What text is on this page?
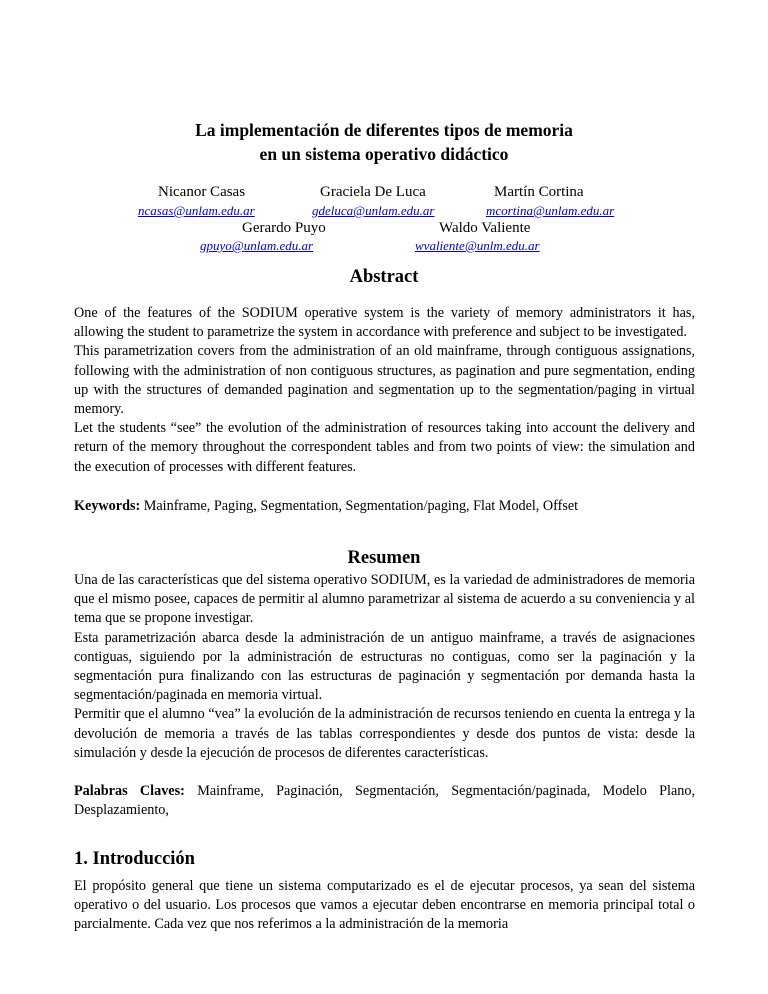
La implementación de diferentes tipos de memoria
en un sistema operativo didáctico
Nicanor Casas	Graciela De Luca	Martín Cortina
ncasas@unlam.edu.ar	gdeluca@unlam.edu.ar	mcortina@unlam.edu.ar
Gerardo Puyo	Waldo Valiente
gpuyo@unlam.edu.ar	wvaliente@unlm.edu.ar
Abstract

One of the features of the SODIUM operative system is the variety of memory administrators it has, allowing the student to parametrize the system in accordance with preference and subject to be investigated.

This parametrization covers from the administration of an old mainframe, through contiguous assignations, following with the administration of non contiguous structures, as pagination and pure segmentation, ending up with the structures of demanded pagination and segmentation up to the segmentation/paging in virtual memory.

Let the students “see” the evolution of the administration of resources taking into account the delivery and return of the memory throughout the correspondent tables and from two points of view: the simulation and the execution of processes with different features.

Keywords: Mainframe, Paging, Segmentation, Segmentation/paging, Flat Model, Offset
Resumen

Una de las características que del sistema operativo SODIUM, es la variedad de administradores de memoria que el mismo posee, capaces de permitir al alumno parametrizar al sistema de acuerdo a su conveniencia y al tema que se propone investigar.

Esta parametrización abarca desde la administración de un antiguo mainframe, a través de asignaciones contiguas, siguiendo por la administración de estructuras no contiguas, como ser la paginación y la segmentación pura finalizando con las estructuras de paginación y segmentación por demanda hasta la segmentación/paginada en memoria virtual.

Permitir que el alumno “vea” la evolución de la administración de recursos teniendo en cuenta la entrega y la devolución de memoria a través de las tablas correspondientes y desde dos puntos de vista: desde la simulación y desde la ejecución de procesos de diferentes características.

Palabras Claves: Mainframe, Paginación, Segmentación, Segmentación/paginada, Modelo Plano, Desplazamiento,
1. Introducción

El propósito general que tiene un sistema computarizado es el de ejecutar procesos, ya sean del sistema operativo o del usuario. Los procesos que vamos a ejecutar deben encontrarse en memoria principal total o parcialmente. Cada vez que nos referimos a la administración de la memoria
